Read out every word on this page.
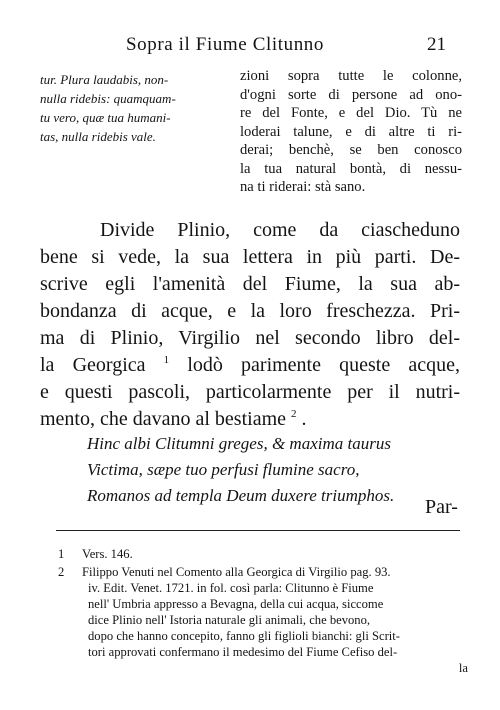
Sopra il Fiume Clitunno	21
tur. Plura laudabis, non-
nulla ridebis: quamquam-
tu vero, quæ tua humani-
tas, nulla ridebis vale.
zioni sopra tutte le colonne,
d'ogni sorte di persone ad ono-
re del Fonte, e del Dio. Tù ne
loderai talune, e di altre ti ri-
derai; benchè, se ben conosco
la tua natural bontà, di nessu-
na ti riderai: stà sano.
Divide Plinio, come da ciascheduno
bene si vede, la sua lettera in più parti. De-
scrive egli l'amenità del Fiume, la sua ab-
bondanza di acque, e la loro freschezza. Pri-
ma di Plinio, Virgilio nel secondo libro del-
la Georgica $^1$ lodò parimente queste acque,
e questi pascoli, particolarmente per il nutri-
mento, che davano al bestiame $^2$ .
Hinc albi Clitumni greges, & maxima taurus
Victima, sæpe tuo perfusi flumine sacro,
Romanos ad templa Deum duxere triumphos.
Par-
1 Vers. 146.
2 Filippo Venuti nel Comento alla Georgica di Virgilio pag. 93.
iv. Edit. Venet. 1721. in fol. così parla: Clitunno è Fiume
nell' Umbria appresso a Bevagna, della cui acqua, siccome
dice Plinio nell' Istoria naturale gli animali, che bevono,
dopo che hanno concepito, fanno gli figlioli bianchi: gli Scrit-
tori approvati confermano il medesimo del Fiume Cefiso del-
la
